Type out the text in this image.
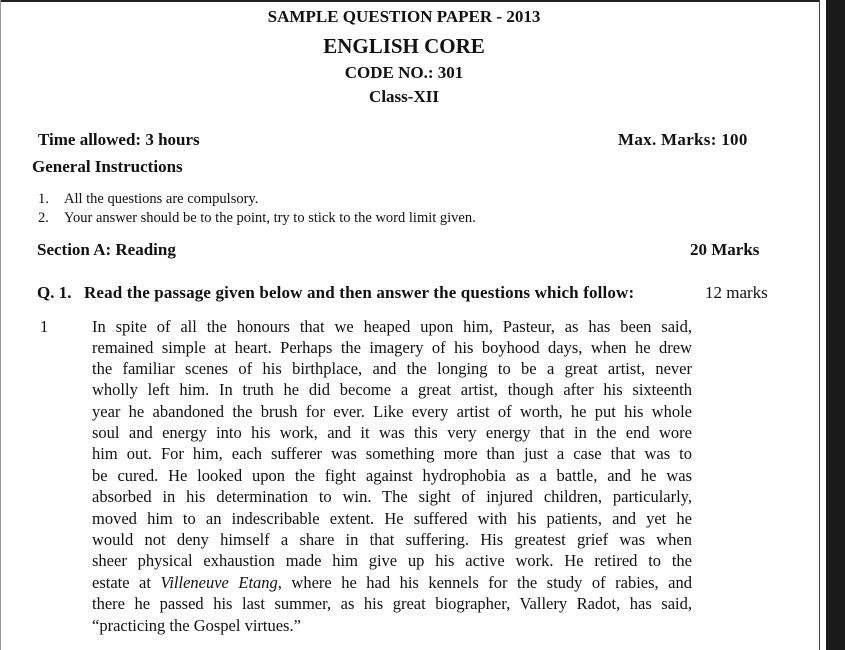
SAMPLE QUESTION PAPER - 2013
ENGLISH CORE
CODE NO.: 301
Class-XII
Time allowed: 3 hours	Max. Marks: 100
General Instructions
1. All the questions are compulsory.
2. Your answer should be to the point, try to stick to the word limit given.
Section A: Reading	20 Marks
Q. 1. Read the passage given below and then answer the questions which follow:	12 marks
1	In spite of all the honours that we heaped upon him, Pasteur, as has been said,
remained simple at heart. Perhaps the imagery of his boyhood days, when he drew
the familiar scenes of his birthplace, and the longing to be a great artist, never
wholly left him. In truth he did become a great artist, though after his sixteenth
year he abandoned the brush for ever. Like every artist of worth, he put his whole
soul and energy into his work, and it was this very energy that in the end wore
him out. For him, each sufferer was something more than just a case that was to
be cured. He looked upon the fight against hydrophobia as a battle, and he was
absorbed in his determination to win. The sight of injured children, particularly,
moved him to an indescribable extent. He suffered with his patients, and yet he
would not deny himself a share in that suffering. His greatest grief was when
sheer physical exhaustion made him give up his active work. He retired to the
estate at Villeneuve Etang, where he had his kennels for the study of rabies, and
there he passed his last summer, as his great biographer, Vallery Radot, has said,
“practicing the Gospel virtues.”
